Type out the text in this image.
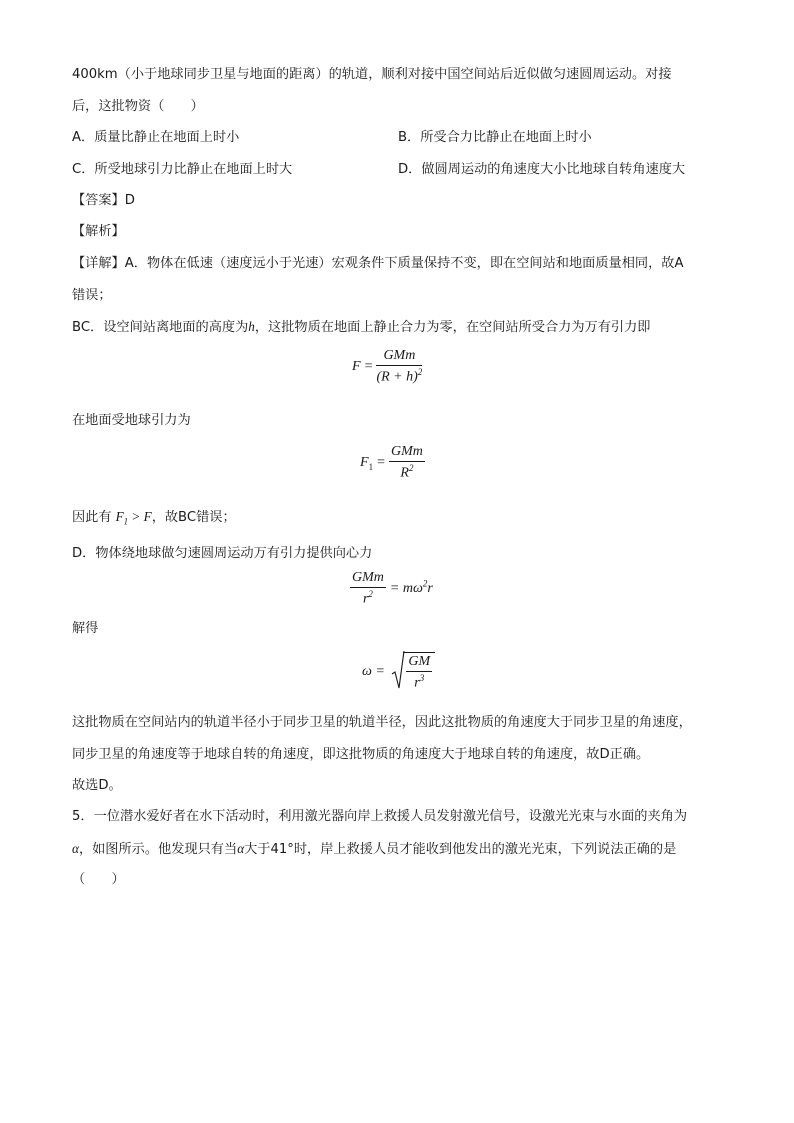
400km（小于地球同步卫星与地面的距离）的轨道，顺利对接中国空间站后近似做匀速圆周运动。对接
后，这批物资（　　）
A．质量比静止在地面上时小	B．所受合力比静止在地面上时小
C．所受地球引力比静止在地面上时大	D．做圆周运动的角速度大小比地球自转角速度大
【答案】D
【解析】
【详解】A．物体在低速（速度远小于光速）宏观条件下质量保持不变，即在空间站和地面质量相同，故A
错误；
BC．设空间站离地面的高度为h，这批物质在地面上静止合力为零，在空间站所受合力为万有引力即
$F = \frac{\text{GMm}}{(R + h)^2}$
在地面受地球引力为
$F_1 = \frac{\text{GMm}}{R^2}$
因此有 $F_1 > F$，故BC错误；
D．物体绕地球做匀速圆周运动万有引力提供向心力
$\frac{\text{GMm}}{r^2} = m\omega^2r$
解得
$\omega = \frac{GM}{r^3}$
这批物质在空间站内的轨道半径小于同步卫星的轨道半径，因此这批物质的角速度大于同步卫星的角速度，
同步卫星的角速度等于地球自转的角速度，即这批物质的角速度大于地球自转的角速度，故D正确。
故选D。
5．一位潜水爱好者在水下活动时，利用激光器向岸上救援人员发射激光信号，设激光光束与水面的夹角为
α，如图所示。他发现只有当α大于41°时，岸上救援人员才能收到他发出的激光光束，下列说法正确的是
（　　）
